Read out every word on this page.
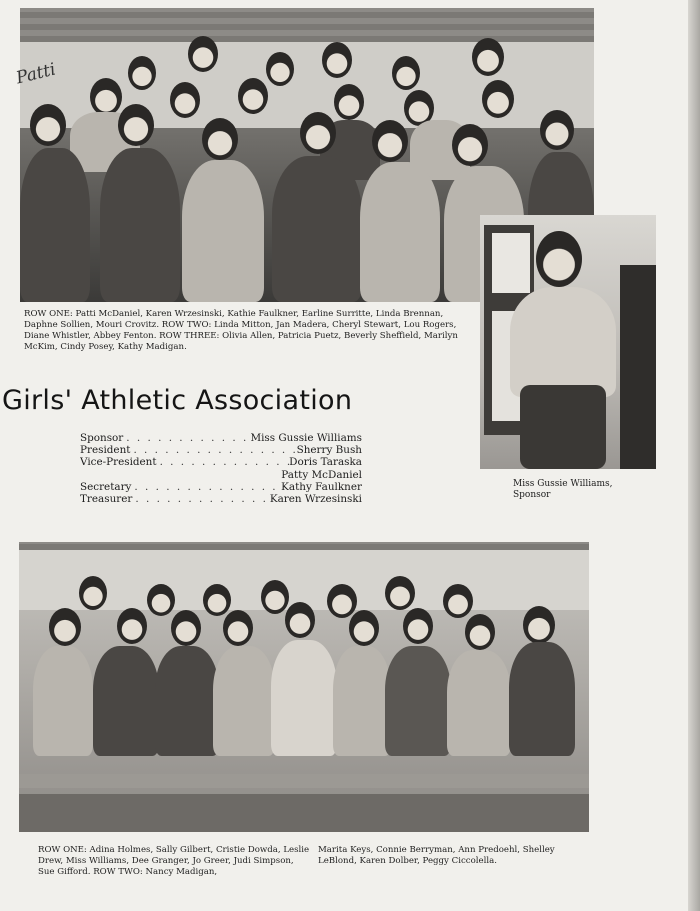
Patti

ROW ONE: Patti McDaniel, Karen Wrzesinski, Kathie Faulkner, Earline Surritte, Linda Brennan, Daphne Sollien, Mouri Crovitz. ROW TWO: Linda Mitton, Jan Madera, Cheryl Stewart, Lou Rogers, Diane Whistler, Abbey Fenton. ROW THREE: Olivia Allen, Patricia Puetz, Beverly Sheffield, Marilyn McKim, Cindy Posey, Kathy Madigan.

Miss Gussie Williams,
Sponsor

Girls' Athletic Association
Sponsor . . .	Miss Gussie Williams
President . . .	Sherry Bush
Vice-President . . .	Doris Taraska
Patty McDaniel
Secretary . . .	Kathy Faulkner
Treasurer . . .	Karen Wrzesinski

ROW ONE: Adina Holmes, Sally Gilbert, Cristie Dowda, Leslie Drew, Miss Williams, Dee Granger, Jo Greer, Judi Simpson, Sue Gifford. ROW TWO: Nancy Madigan,

Marita Keys, Connie Berryman, Ann Predoehl, Shelley LeBlond, Karen Dolber, Peggy Ciccolella.
